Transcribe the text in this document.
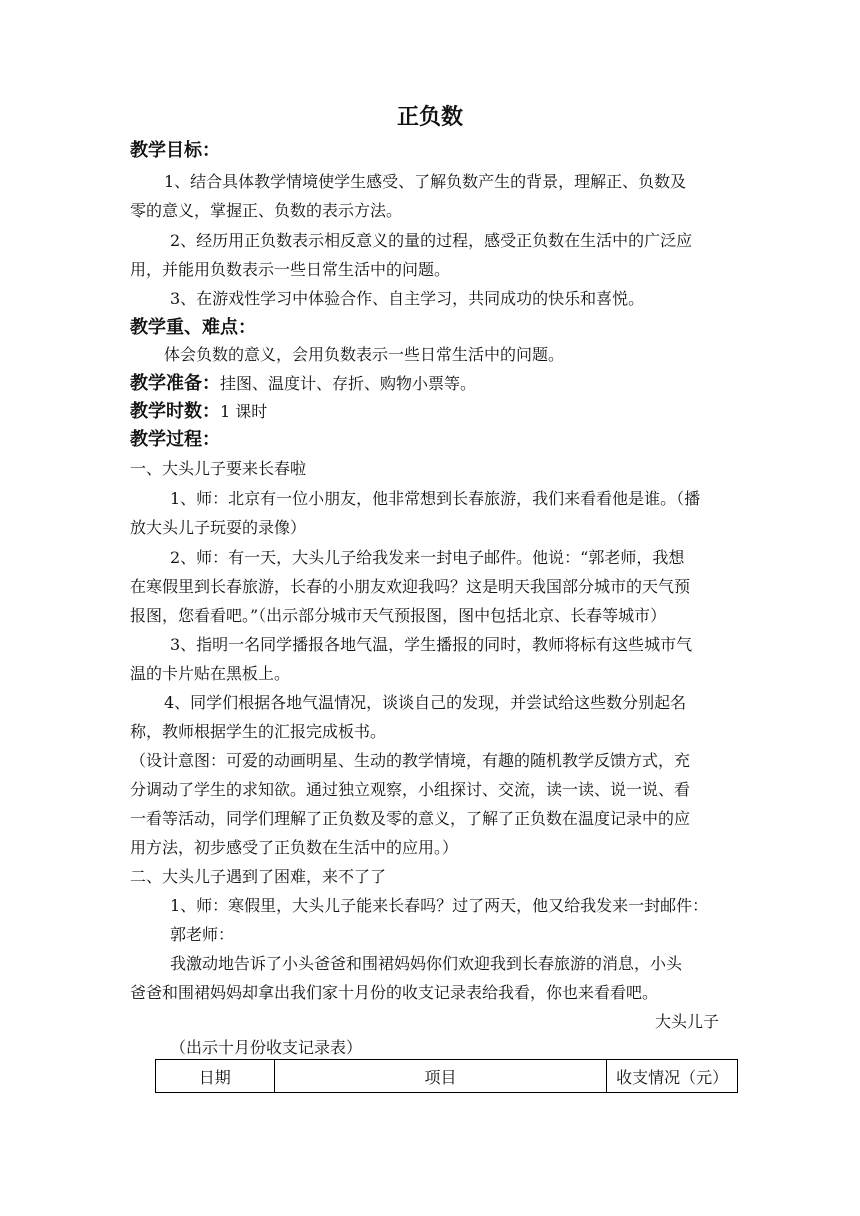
正负数
教学目标：
1、结合具体教学情境使学生感受、了解负数产生的背景，理解正、负数及
零的意义，掌握正、负数的表示方法。
2、经历用正负数表示相反意义的量的过程，感受正负数在生活中的广泛应
用，并能用负数表示一些日常生活中的问题。
3、在游戏性学习中体验合作、自主学习，共同成功的快乐和喜悦。
教学重、难点：
体会负数的意义，会用负数表示一些日常生活中的问题。
教学准备：挂图、温度计、存折、购物小票等。
教学时数：1 课时
教学过程：
一、大头儿子要来长春啦
1、师：北京有一位小朋友，他非常想到长春旅游，我们来看看他是谁。（播
放大头儿子玩耍的录像）
2、师：有一天，大头儿子给我发来一封电子邮件。他说：“郭老师，我想
在寒假里到长春旅游，长春的小朋友欢迎我吗？这是明天我国部分城市的天气预
报图，您看看吧。”（出示部分城市天气预报图，图中包括北京、长春等城市）
3、指明一名同学播报各地气温，学生播报的同时，教师将标有这些城市气
温的卡片贴在黑板上。
4、同学们根据各地气温情况，谈谈自己的发现，并尝试给这些数分别起名
称，教师根据学生的汇报完成板书。
（设计意图：可爱的动画明星、生动的教学情境，有趣的随机教学反馈方式，充
分调动了学生的求知欲。通过独立观察，小组探讨、交流，读一读、说一说、看
一看等活动，同学们理解了正负数及零的意义，了解了正负数在温度记录中的应
用方法，初步感受了正负数在生活中的应用。）
二、大头儿子遇到了困难，来不了了
1、师：寒假里，大头儿子能来长春吗？过了两天，他又给我发来一封邮件：
郭老师：
我激动地告诉了小头爸爸和围裙妈妈你们欢迎我到长春旅游的消息，小头
爸爸和围裙妈妈却拿出我们家十月份的收支记录表给我看，你也来看看吧。
大头儿子
（出示十月份收支记录表）
日期	项目	收支情况（元）
